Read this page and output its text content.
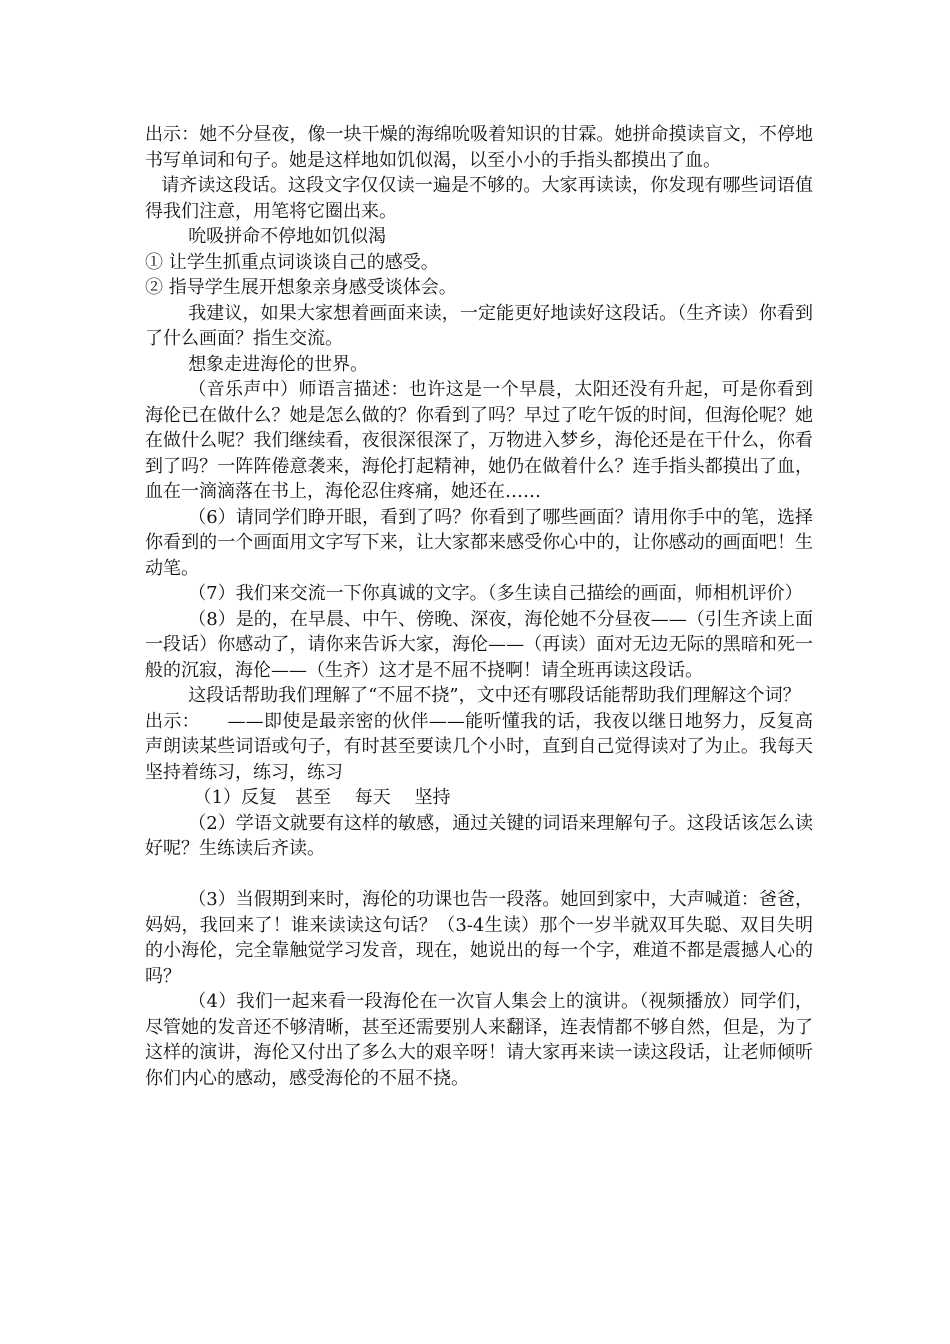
出示：她不分昼夜，像一块干燥的海绵吮吸着知识的甘霖。她拼命摸读盲文，不停地书写单词和句子。她是这样地如饥似渴，以至小小的手指头都摸出了血。

请齐读这段话。这段文字仅仅读一遍是不够的。大家再读读，你发现有哪些词语值得我们注意，用笔将它圈出来。

吮吸拼命不停地如饥似渴

① 让学生抓重点词谈谈自己的感受。

② 指导学生展开想象亲身感受谈体会。

我建议，如果大家想着画面来读，一定能更好地读好这段话。（生齐读）你看到了什么画面？指生交流。

想象走进海伦的世界。

（音乐声中）师语言描述：也许这是一个早晨，太阳还没有升起，可是你看到海伦已在做什么？她是怎么做的？你看到了吗？早过了吃午饭的时间，但海伦呢？她在做什么呢？我们继续看，夜很深很深了，万物进入梦乡，海伦还是在干什么，你看到了吗？一阵阵倦意袭来，海伦打起精神，她仍在做着什么？连手指头都摸出了血，血在一滴滴落在书上，海伦忍住疼痛，她还在……

（6）请同学们睁开眼，看到了吗？你看到了哪些画面？请用你手中的笔，选择你看到的一个画面用文字写下来，让大家都来感受你心中的，让你感动的画面吧！生动笔。

（7）我们来交流一下你真诚的文字。（多生读自己描绘的画面，师相机评价）

（8）是的，在早晨、中午、傍晚、深夜，海伦她不分昼夜——（引生齐读上面一段话）你感动了，请你来告诉大家，海伦——（再读）面对无边无际的黑暗和死一般的沉寂，海伦——（生齐）这才是不屈不挠啊！请全班再读这段话。

这段话帮助我们理解了“不屈不挠”，文中还有哪段话能帮助我们理解这个词？

出示：　　——即使是最亲密的伙伴——能听懂我的话，我夜以继日地努力，反复高声朗读某些词语或句子，有时甚至要读几个小时，直到自己觉得读对了为止。我每天坚持着练习，练习，练习

（1）反复　甚至　 每天　 坚持

（2）学语文就要有这样的敏感，通过关键的词语来理解句子。这段话该怎么读好呢？生练读后齐读。

（3）当假期到来时，海伦的功课也告一段落。她回到家中，大声喊道：爸爸，妈妈，我回来了！谁来读读这句话？（3-4生读）那个一岁半就双耳失聪、双目失明的小海伦，完全靠触觉学习发音，现在，她说出的每一个字，难道不都是震撼人心的吗？

（4）我们一起来看一段海伦在一次盲人集会上的演讲。（视频播放）同学们，尽管她的发音还不够清晰，甚至还需要别人来翻译，连表情都不够自然，但是，为了这样的演讲，海伦又付出了多么大的艰辛呀！请大家再来读一读这段话，让老师倾听你们内心的感动，感受海伦的不屈不挠。
